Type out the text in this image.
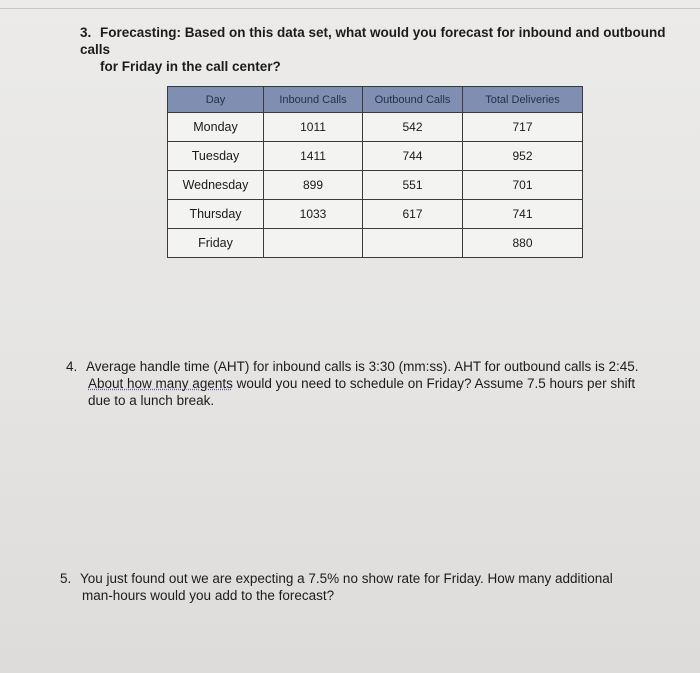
3. Forecasting: Based on this data set, what would you forecast for inbound and outbound calls

for Friday in the call center?
Day	Inbound Calls	Outbound Calls	Total Deliveries
Monday	1011	542	717
Tuesday	1411	744	952
Wednesday	899	551	701
Thursday	1033	617	741
Friday			880
4. Average handle time (AHT) for inbound calls is 3:30 (mm:ss). AHT for outbound calls is 2:45.
About how many agents would you need to schedule on Friday? Assume 7.5 hours per shift
due to a lunch break.
5. You just found out we are expecting a 7.5% no show rate for Friday. How many additional
man-hours would you add to the forecast?
